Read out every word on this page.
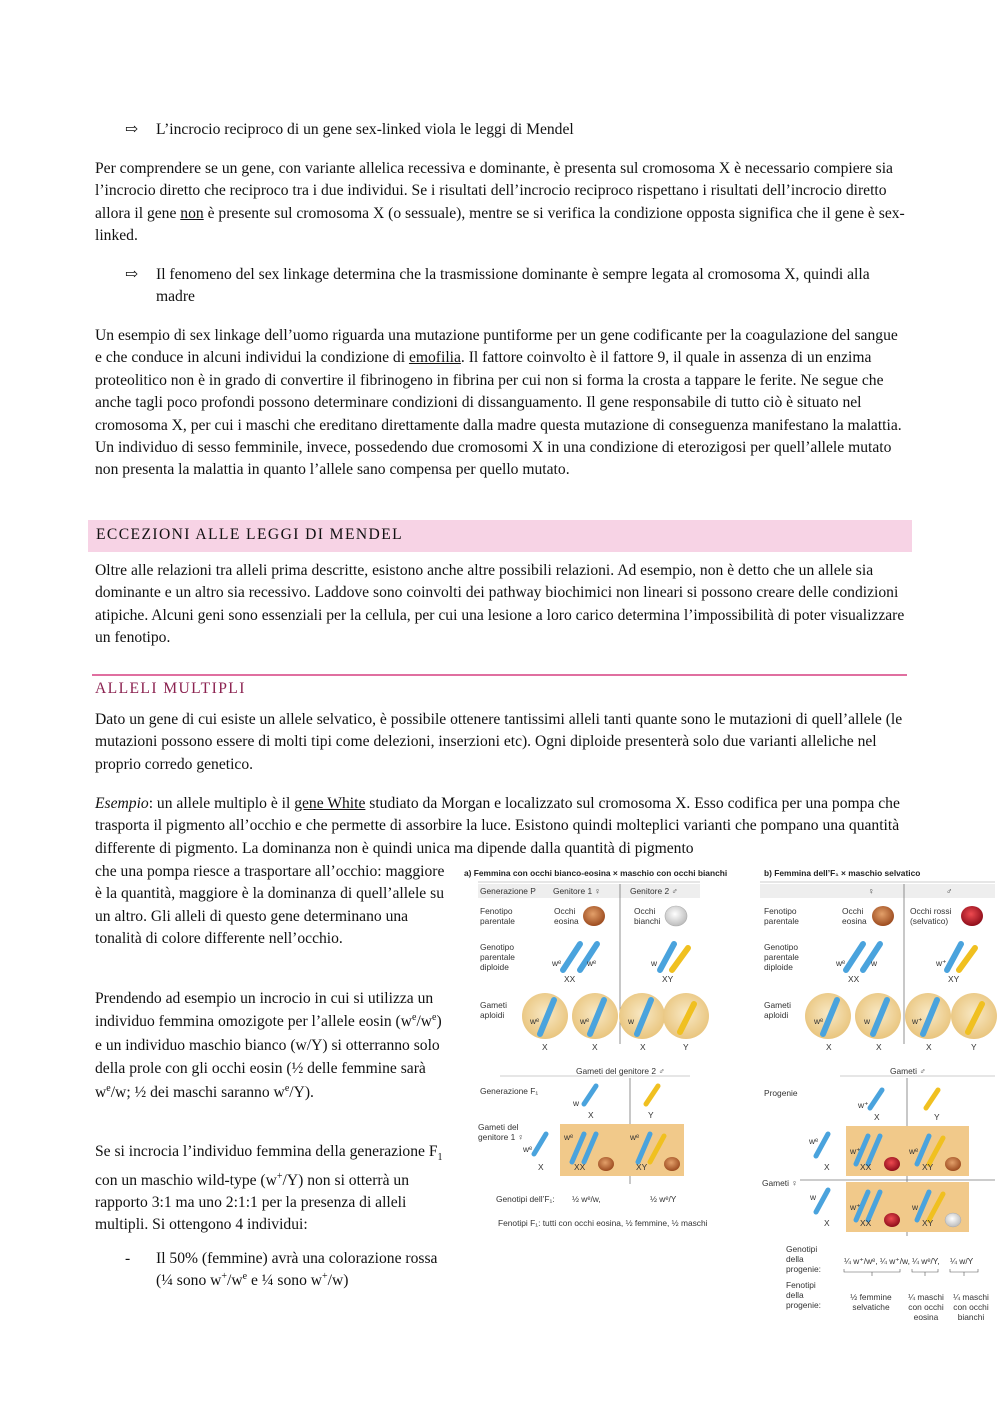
⇨ L’incrocio reciproco di un gene sex-linked viola le leggi di Mendel

Per comprendere se un gene, con variante allelica recessiva e dominante, è presenta sul cromosoma X è necessario compiere sia l’incrocio diretto che reciproco tra i due individui. Se i risultati dell’incrocio reciproco rispettano i risultati dell’incrocio diretto allora il gene non è presente sul cromosoma X (o sessuale), mentre se si verifica la condizione opposta significa che il gene è sex-linked.

⇨ Il fenomeno del sex linkage determina che la trasmissione dominante è sempre legata al cromosoma X, quindi alla madre

Un esempio di sex linkage dell’uomo riguarda una mutazione puntiforme per un gene codificante per la coagulazione del sangue e che conduce in alcuni individui la condizione di emofilia. Il fattore coinvolto è il fattore 9, il quale in assenza di un enzima proteolitico non è in grado di convertire il fibrinogeno in fibrina per cui non si forma la crosta a tappare le ferite. Ne segue che anche tagli poco profondi possono determinare condizioni di dissanguamento. Il gene responsabile di tutto ciò è situato nel cromosoma X, per cui i maschi che ereditano direttamente dalla madre questa mutazione di conseguenza manifestano la malattia. Un individuo di sesso femminile, invece, possedendo due cromosomi X in una condizione di eterozigosi per quell’allele mutato non presenta la malattia in quanto l’allele sano compensa per quello mutato.

ECCEZIONI ALLE LEGGI DI MENDEL

Oltre alle relazioni tra alleli prima descritte, esistono anche altre possibili relazioni. Ad esempio, non è detto che un allele sia dominante e un altro sia recessivo. Laddove sono coinvolti dei pathway biochimici non lineari si possono creare delle condizioni atipiche. Alcuni geni sono essenziali per la cellula, per cui una lesione a loro carico determina l’impossibilità di poter visualizzare un fenotipo.

ALLELI MULTIPLI

Dato un gene di cui esiste un allele selvatico, è possibile ottenere tantissimi alleli tanti quante sono le mutazioni di quell’allele (le mutazioni possono essere di molti tipi come delezioni, inserzioni etc). Ogni diploide presenterà solo due varianti alleliche nel proprio corredo genetico.

Esempio: un allele multiplo è il gene White studiato da Morgan e localizzato sul cromosoma X. Esso codifica per una pompa che trasporta il pigmento all’occhio e che permette di assorbire la luce. Esistono quindi molteplici varianti che pompano una quantità differente di pigmento. La dominanza non è quindi unica ma dipende dalla quantità di pigmento

che una pompa riesce a trasportare all’occhio: maggiore è la quantità, maggiore è la dominanza di quell’allele su un altro. Gli alleli di questo gene determinano una tonalità di colore differente nell’occhio.

Prendendo ad esempio un incrocio in cui si utilizza un individuo femmina omozigote per l’allele eosin $(w^e/w^e)$ e un individuo maschio bianco (w/Y) si otterranno solo della prole con gli occhi eosin (½ delle femmine sarà $w^e/w$; ½ dei maschi saranno $w^e/Y$).

Se si incrocia l’individuo femmina della generazione $F_1$ con un maschio wild-type (w+/Y) non si otterrà un rapporto 3:1 ma uno 2:1:1 per la presenza di alleli multipli. Si ottengono 4 individui:

- Il 50% (femmine) avrà una colorazione rossa (¼ sono $w^+/w^e$ e ¼ sono w+/w)

a) Femmina con occhi bianco-eosina × maschio con occhi bianchi
Generazione P Genitore 1 ♀	Genitore 2 ♂
Fenotipo parentale
Occhi eosina
Occhi bianchi
Genotipo parentale diploide	wᵉ	wᵉ	w
XX	XY
Gameti aploidi
wᵉ	wᵉ	w
X	X	X	Y
Gameti del genitore 2 ♂
Generazione F₁
w
X	Y
Gameti del genitore 1 ♀
wᵉ
wᵉ	wᵉ
X	XX	XY
Genotipi dell’F₁: ½ wᵉ/w,	½ wᵉ/Y
Fenotipi F₁: tutti con occhi eosina, ½ femmine, ½ maschi
b) Femmina dell’F₁ × maschio selvatico
♀	♂
Fenotipo parentale
Occhi eosina
Occhi rossi (selvatico)
Genotipo parentale diploide	wᵉ	w	w⁺
XX	XY
Gameti aploidi
wᵉ	w	w⁺
X	X	X	Y
Gameti ♂
Progenie
w⁺
X	Y
wᵉ
X
w⁺	wᵉ
XX	XY
Gameti ♀
w
X
w⁺	w
XX	XY
Genotipi della progenie:
¼ w⁺/wᵉ, ¼ w⁺/w, ¼ wᵉ/Y, ¼ w/Y
Fenotipi della progenie:
½ femmine selvatiche
¼ maschi con occhi eosina
¼ maschi con occhi bianchi
